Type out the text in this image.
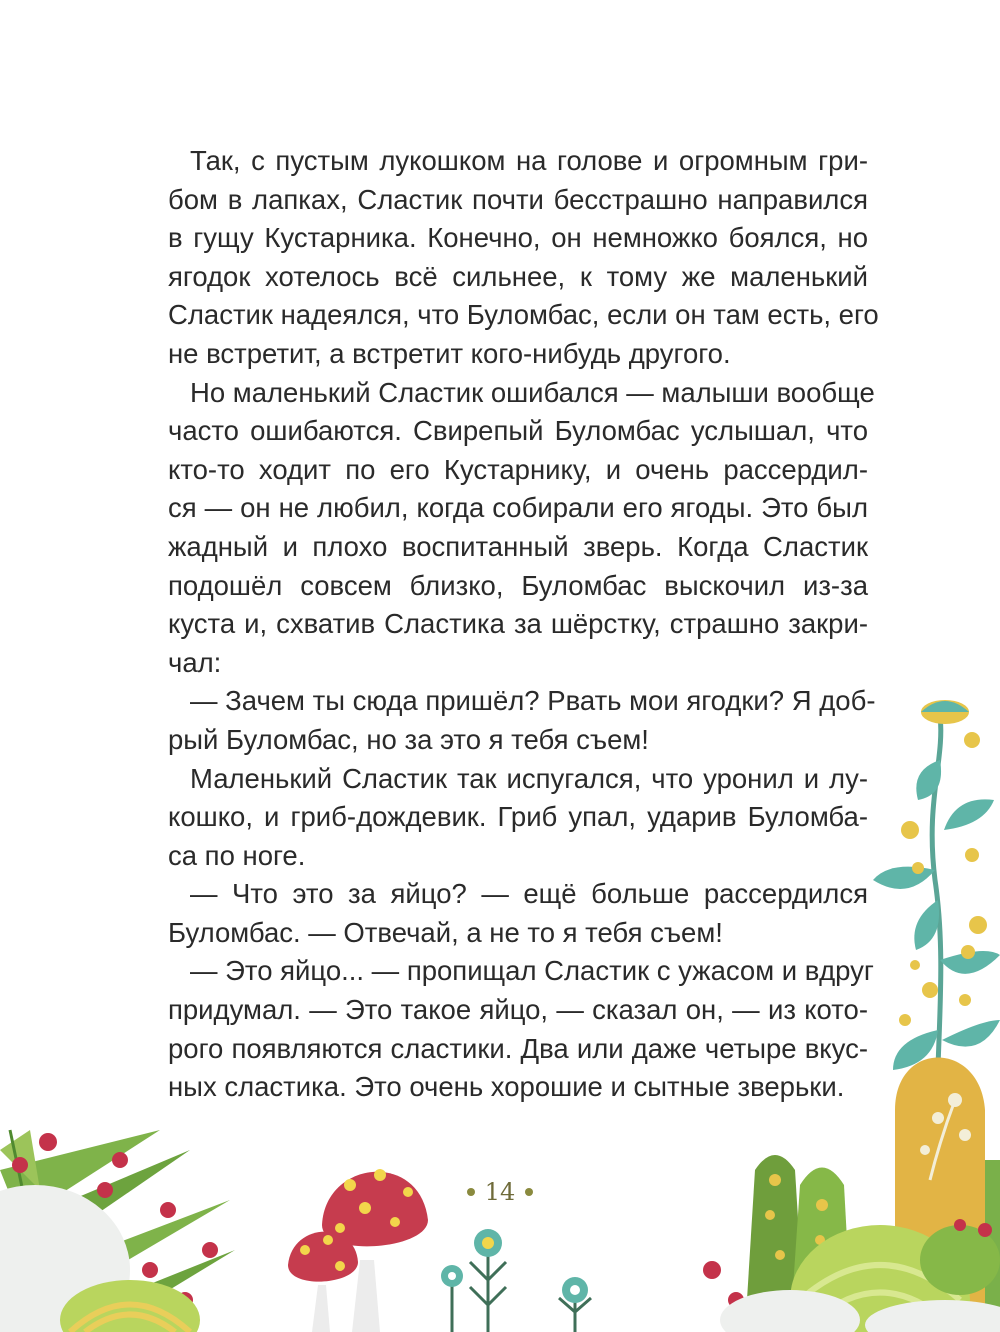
Так, с пустым лукошком на голове и огромным гри-
бом в лапках, Сластик почти бесстрашно направился
в гущу Кустарника. Конечно, он немножко боялся, но
ягодок хотелось всё сильнее, к тому же маленький
Сластик надеялся, что Буломбас, если он там есть, его
не встретит, а встретит кого-нибудь другого.
Но маленький Сластик ошибался — малыши вообще
часто ошибаются. Свирепый Буломбас услышал, что
кто-то ходит по его Кустарнику, и очень рассердил-
ся — он не любил, когда собирали его ягоды. Это был
жадный и плохо воспитанный зверь. Когда Сластик
подошёл совсем близко, Буломбас выскочил из-за
куста и, схватив Сластика за шёрстку, страшно закри-
чал:
— Зачем ты сюда пришёл? Рвать мои ягодки? Я доб-
рый Буломбас, но за это я тебя съем!
Маленький Сластик так испугался, что уронил и лу-
кошко, и гриб-дождевик. Гриб упал, ударив Буломба-
са по ноге.
— Что это за яйцо? — ещё больше рассердился
Буломбас. — Отвечай, а не то я тебя съем!
— Это яйцо... — пропищал Сластик с ужасом и вдруг
придумал. — Это такое яйцо, — сказал он, — из кото-
рого появляются сластики. Два или даже четыре вкус-
ных сластика. Это очень хорошие и сытные зверьки.
14
